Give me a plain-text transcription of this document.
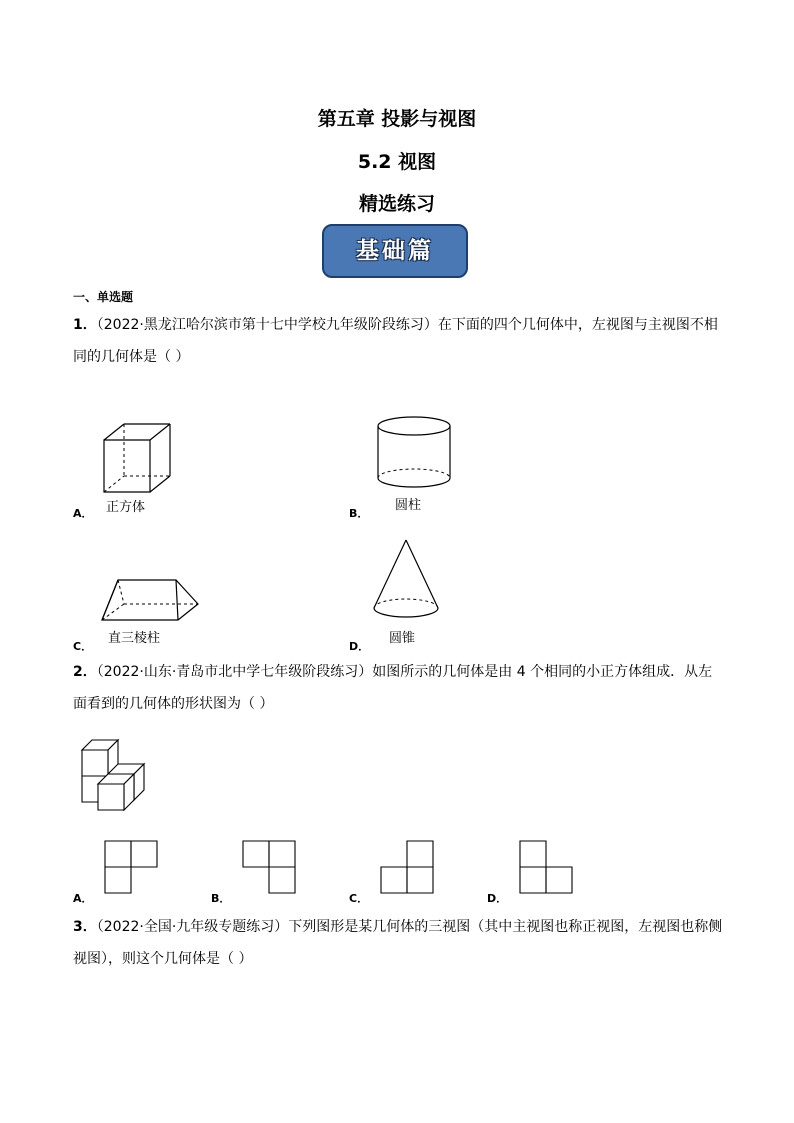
第五章 投影与视图
5.2 视图
精选练习
基础篇
一、单选题
1．（2022·黑龙江哈尔滨市第十七中学校九年级阶段练习）在下面的四个几何体中，左视图与主视图不相同的几何体是（ ）
正方体
A．
圆柱
B．
直三棱柱
C．
圆锥
D．
2．（2022·山东·青岛市北中学七年级阶段练习）如图所示的几何体是由 4 个相同的小正方体组成．从左面看到的几何体的形状图为（ ）
A．	B．	C．	D．
3．（2022·全国·九年级专题练习）下列图形是某几何体的三视图（其中主视图也称正视图，左视图也称侧视图），则这个几何体是（ ）
